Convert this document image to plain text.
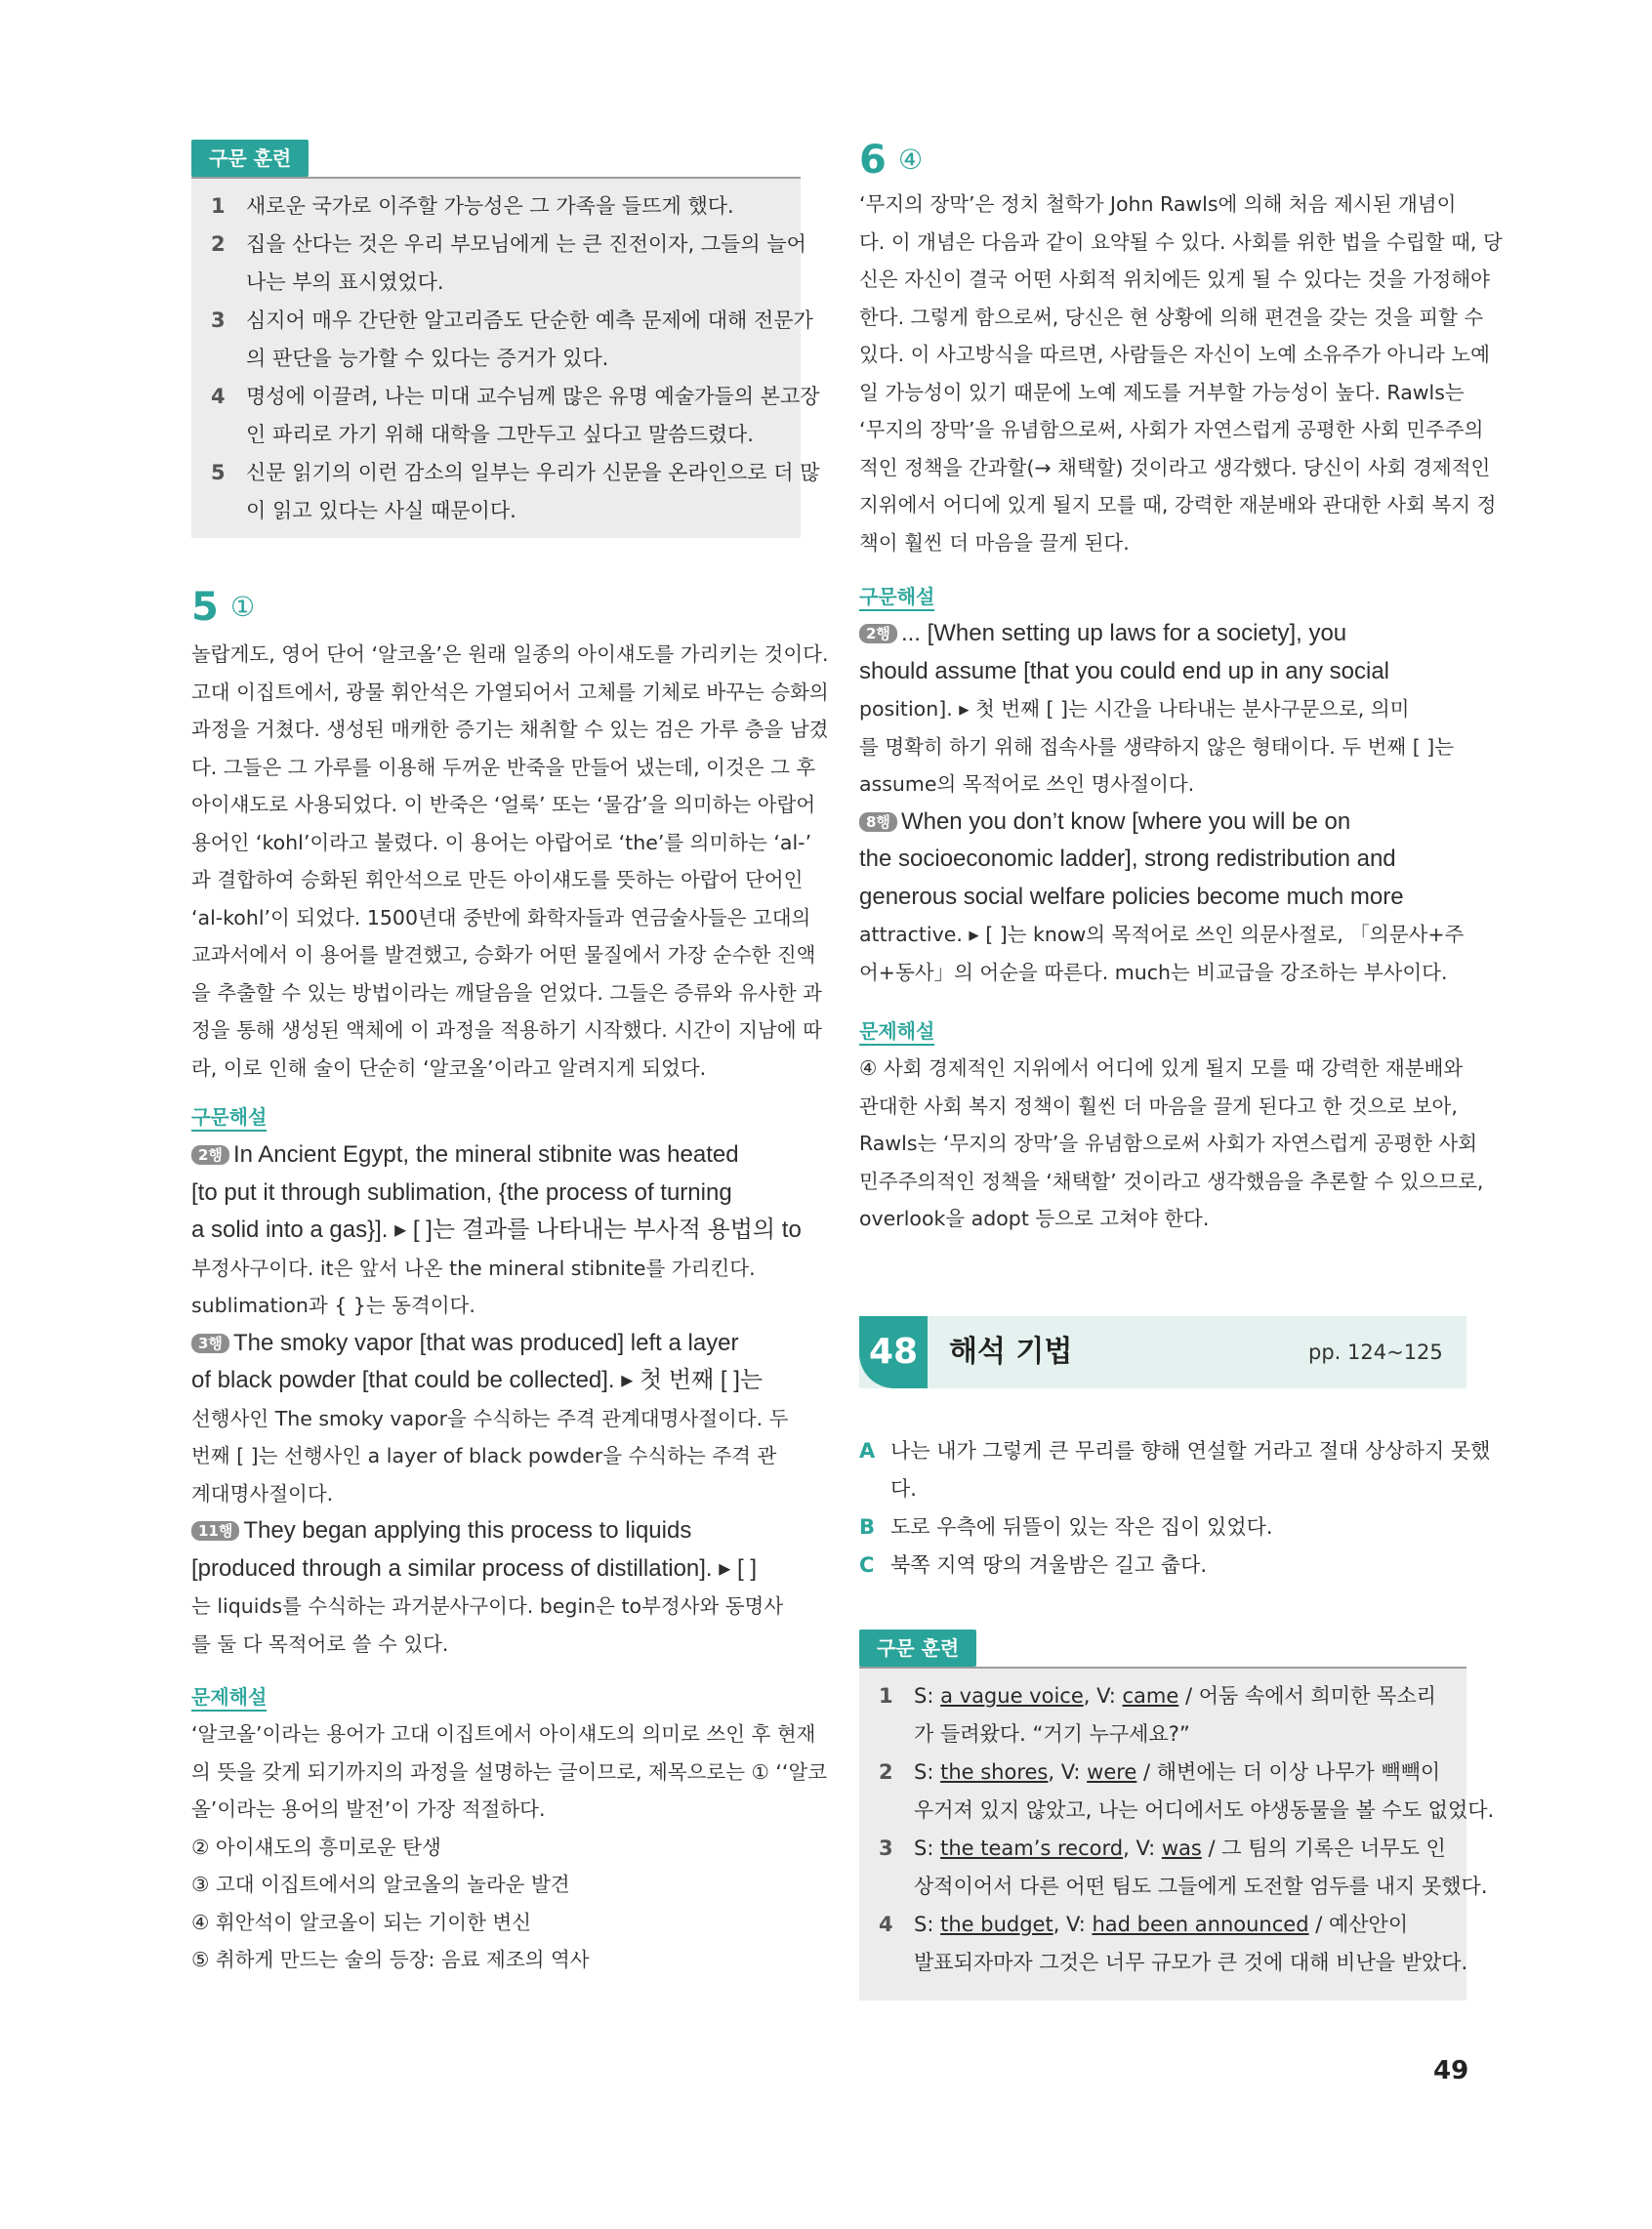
구문 훈련
1 새로운 국가로 이주할 가능성은 그 가족을 들뜨게 했다.
2 집을 산다는 것은 우리 부모님에게 는 큰 진전이자, 그들의 늘어
나는 부의 표시였었다.
3 심지어 매우 간단한 알고리즘도 단순한 예측 문제에 대해 전문가
의 판단을 능가할 수 있다는 증거가 있다.
4 명성에 이끌려, 나는 미대 교수님께 많은 유명 예술가들의 본고장
인 파리로 가기 위해 대학을 그만두고 싶다고 말씀드렸다.
5 신문 읽기의 이런 감소의 일부는 우리가 신문을 온라인으로 더 많
이 읽고 있다는 사실 때문이다.
5 ①
놀랍게도, 영어 단어 ‘알코올’은 원래 일종의 아이섀도를 가리키는 것이다.
고대 이집트에서, 광물 휘안석은 가열되어서 고체를 기체로 바꾸는 승화의
과정을 거쳤다. 생성된 매캐한 증기는 채취할 수 있는 검은 가루 층을 남겼
다. 그들은 그 가루를 이용해 두꺼운 반죽을 만들어 냈는데, 이것은 그 후
아이섀도로 사용되었다. 이 반죽은 ‘얼룩’ 또는 ‘물감’을 의미하는 아랍어
용어인 ‘kohl’이라고 불렸다. 이 용어는 아랍어로 ‘the’를 의미하는 ‘al-’
과 결합하여 승화된 휘안석으로 만든 아이섀도를 뜻하는 아랍어 단어인
‘al-kohl’이 되었다. 1500년대 중반에 화학자들과 연금술사들은 고대의
교과서에서 이 용어를 발견했고, 승화가 어떤 물질에서 가장 순수한 진액
을 추출할 수 있는 방법이라는 깨달음을 얻었다. 그들은 증류와 유사한 과
정을 통해 생성된 액체에 이 과정을 적용하기 시작했다. 시간이 지남에 따
라, 이로 인해 술이 단순히 ‘알코올’이라고 알려지게 되었다.
구문해설
2행 In Ancient Egypt, the mineral stibnite was heated
[to put it through sublimation, {the process of turning
a solid into a gas}]. ▸ [ ]는 결과를 나타내는 부사적 용법의 to
부정사구이다. it은 앞서 나온 the mineral stibnite를 가리킨다.
sublimation과 { }는 동격이다.
3행 The smoky vapor [that was produced] left a layer
of black powder [that could be collected]. ▸ 첫 번째 [ ]는
선행사인 The smoky vapor을 수식하는 주격 관계대명사절이다. 두
번째 [ ]는 선행사인 a layer of black powder을 수식하는 주격 관
계대명사절이다.
11행 They began applying this process to liquids
[produced through a similar process of distillation]. ▸ [ ]
는 liquids를 수식하는 과거분사구이다. begin은 to부정사와 동명사
를 둘 다 목적어로 쓸 수 있다.
문제해설
‘알코올’이라는 용어가 고대 이집트에서 아이섀도의 의미로 쓰인 후 현재
의 뜻을 갖게 되기까지의 과정을 설명하는 글이므로, 제목으로는 ① ‘‘알코
올’이라는 용어의 발전’이 가장 적절하다.
② 아이섀도의 흥미로운 탄생
③ 고대 이집트에서의 알코올의 놀라운 발견
④ 휘안석이 알코올이 되는 기이한 변신
⑤ 취하게 만드는 술의 등장: 음료 제조의 역사
6 ④
‘무지의 장막’은 정치 철학가 John Rawls에 의해 처음 제시된 개념이
다. 이 개념은 다음과 같이 요약될 수 있다. 사회를 위한 법을 수립할 때, 당
신은 자신이 결국 어떤 사회적 위치에든 있게 될 수 있다는 것을 가정해야
한다. 그렇게 함으로써, 당신은 현 상황에 의해 편견을 갖는 것을 피할 수
있다. 이 사고방식을 따르면, 사람들은 자신이 노예 소유주가 아니라 노예
일 가능성이 있기 때문에 노예 제도를 거부할 가능성이 높다. Rawls는
‘무지의 장막’을 유념함으로써, 사회가 자연스럽게 공평한 사회 민주주의
적인 정책을 간과할(→ 채택할) 것이라고 생각했다. 당신이 사회 경제적인
지위에서 어디에 있게 될지 모를 때, 강력한 재분배와 관대한 사회 복지 정
책이 훨씬 더 마음을 끌게 된다.
구문해설
2행 ... [When setting up laws for a society], you
should assume [that you could end up in any social
position]. ▸ 첫 번째 [ ]는 시간을 나타내는 분사구문으로, 의미
를 명확히 하기 위해 접속사를 생략하지 않은 형태이다. 두 번째 [ ]는
assume의 목적어로 쓰인 명사절이다.
8행 When you don’t know [where you will be on
the socioeconomic ladder], strong redistribution and
generous social welfare policies become much more
attractive. ▸ [ ]는 know의 목적어로 쓰인 의문사절로, 「의문사+주
어+동사」의 어순을 따른다. much는 비교급을 강조하는 부사이다.
문제해설
④ 사회 경제적인 지위에서 어디에 있게 될지 모를 때 강력한 재분배와
관대한 사회 복지 정책이 훨씬 더 마음을 끌게 된다고 한 것으로 보아,
Rawls는 ‘무지의 장막’을 유념함으로써 사회가 자연스럽게 공평한 사회
민주주의적인 정책을 ‘채택할’ 것이라고 생각했음을 추론할 수 있으므로,
overlook을 adopt 등으로 고쳐야 한다.
48	해석 기법	pp. 124~125
A 나는 내가 그렇게 큰 무리를 향해 연설할 거라고 절대 상상하지 못했
다.
B 도로 우측에 뒤뜰이 있는 작은 집이 있었다.
C 북쪽 지역 땅의 겨울밤은 길고 춥다.
구문 훈련
1 S: a vague voice, V: came / 어둠 속에서 희미한 목소리
가 들려왔다. “거기 누구세요?”
2 S: the shores, V: were / 해변에는 더 이상 나무가 빽빽이
우거져 있지 않았고, 나는 어디에서도 야생동물을 볼 수도 없었다.
3 S: the team’s record, V: was / 그 팀의 기록은 너무도 인
상적이어서 다른 어떤 팀도 그들에게 도전할 엄두를 내지 못했다.
4 S: the budget, V: had been announced / 예산안이
발표되자마자 그것은 너무 규모가 큰 것에 대해 비난을 받았다.
49
